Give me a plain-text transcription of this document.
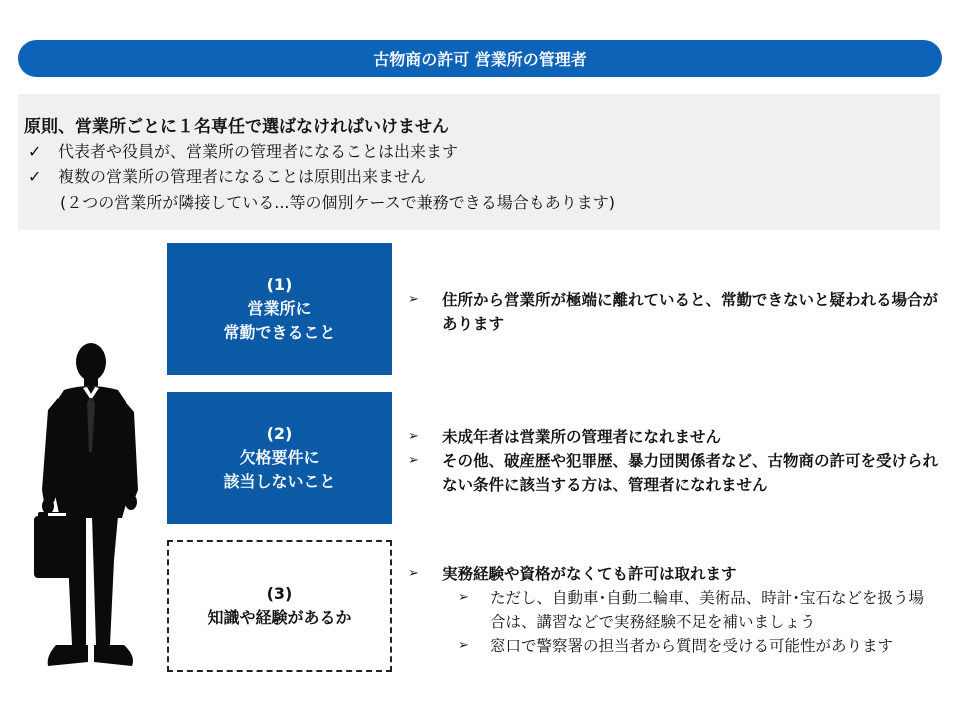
古物商の許可 営業所の管理者
原則、営業所ごとに１名専任で選ばなければいけません
✓ 代表者や役員が、営業所の管理者になることは出来ます
✓ 複数の営業所の管理者になることは原則出来ません
(２つの営業所が隣接している...等の個別ケースで兼務できる場合もあります)
(1)
営業所に
常勤できること
(2)
欠格要件に
該当しないこと
(3)
知識や経験があるか
➢ 住所から営業所が極端に離れていると、常勤できないと疑われる場合があります
➢ 未成年者は営業所の管理者になれません
➢ その他、破産歴や犯罪歴、暴力団関係者など、古物商の許可を受けられない条件に該当する方は、管理者になれません
➢ 実務経験や資格がなくても許可は取れます
➢ ただし、自動車･自動二輪車、美術品、時計･宝石などを扱う場合は、講習などで実務経験不足を補いましょう
➢ 窓口で警察署の担当者から質問を受ける可能性があります
